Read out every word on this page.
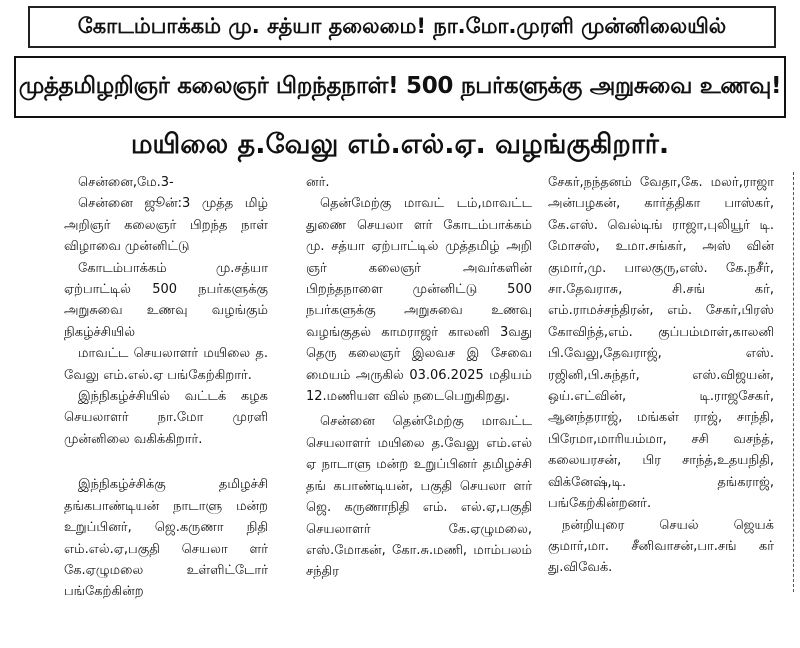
கோடம்பாக்கம் மு. சத்யா தலைமை! நா.மோ.முரளி முன்னிலையில்
முத்தமிழறிஞர் கலைஞர் பிறந்தநாள்! 500 நபர்களுக்கு அறுசுவை உணவு!
மயிலை த.வேலு எம்.எல்.ஏ. வழங்குகிறார்.

சென்னை,மே.3-

சென்னை ஜூன்:3 முத்த மிழ் அறிஞர் கலைஞர் பிறந்த நாள் விழாவை முன்னிட்டு

கோடம்பாக்கம் மு.சத்யா ஏற்பாட்டில் 500 நபர்களுக்கு அறுசுவை உணவு வழங்கும் நிகழ்ச்சியில்

மாவட்ட செயலாளர் மயிலை த. வேலு எம்.எல்.ஏ பங்கேற்கிறார்.

இந்நிகழ்ச்சியில் வட்டக் கழக செயலாளர் நா.மோ முரளி முன்னிலை வகிக்கிறார்.

இந்நிகழ்ச்சிக்கு தமிழச்சி தங்கபாண்டியன் நாடாளு மன்ற உறுப்பினர், ஜெ.கருணா நிதி எம்.எல்.ஏ,பகுதி செயலா ளர் கே.ஏழுமலை உள்ளிட்டோர் பங்கேற்கின்ற

னர்.

தென்மேற்கு மாவட் டம்,மாவட்ட துணை செயலா ளர் கோடம்பாக்கம் மு. சத்யா ஏற்பாட்டில் முத்தமிழ் அறி ஞர் கலைஞர் அவர்களின் பிறந்தநாளை முன்னிட்டு 500 நபர்களுக்கு அறுசுவை உணவு வழங்குதல் காமராஜர் காலனி 3வது தெரு கலைஞர் இலவச இ சேவை மையம் அருகில் 03.06.2025 மதியம் 12.மணியள வில் நடைபெறுகிறது.

சென்னை தென்மேற்கு மாவட்ட செயலாளர் மயிலை த.வேலு எம்.எல் ஏ நாடாளு மன்ற உறுப்பினர் தமிழச்சி தங் கபாண்டியன், பகுதி செயலா ளர் ஜெ. கருணாநிதி எம். எல்.ஏ,பகுதி செயலாளர் கே.ஏழுமலை, எஸ்.மோகன், கோ.சு.மணி, மாம்பலம் சந்திர

சேகர்,நந்தனம் வேதா,கே. மலர்,ராஜா அன்பழகன், கார்த்திகா பாஸ்கர், கே.எஸ். வெல்டிங் ராஜா,புலியூர் டி. மோசஸ், உமா.சங்கர், அஸ் வின் குமார்,மு. பாலகுரு,எஸ். கே.நசீர், சா.தேவராசு, சி.சங் கர், எம்.ராமச்சந்திரன், எம். சேகர்,பிரஸ் கோவிந்த்,எம். குப்பம்மாள்,காலனி பி.வேலு,தேவராஜ், எஸ். ரஜினி,பி.சுந்தர், எஸ்.விஜயன், ஒய்.எட்வின், டி.ராஜசேகர், ஆனந்தராஜ், மங்கள் ராஜ், சாந்தி, பிரேமா,மாரியம்மா, சசி வசந்த், கலையரசன், பிர சாந்த்,உதயநிதி, விக்னேஷ்,டி. தங்கராஜ், பங்கேற்கின்றனர்.

நன்றியுரை செயல் ஜெயக் குமார்,மா. சீனிவாசன்,பா.சங் கர் து.விவேக்.
